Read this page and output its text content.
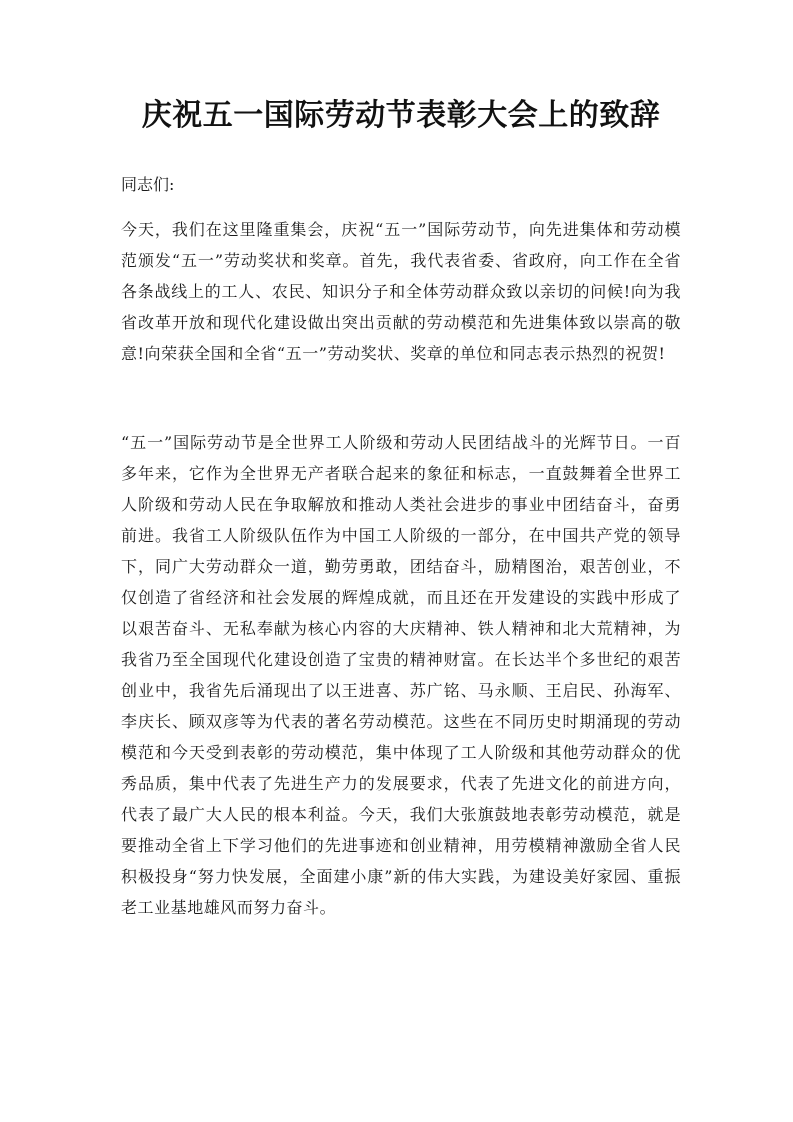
庆祝五一国际劳动节表彰大会上的致辞

同志们:

今天，我们在这里隆重集会，庆祝“五一”国际劳动节，向先进集体和劳动模范颁发“五一”劳动奖状和奖章。首先，我代表省委、省政府，向工作在全省各条战线上的工人、农民、知识分子和全体劳动群众致以亲切的问候!向为我省改革开放和现代化建设做出突出贡献的劳动模范和先进集体致以崇高的敬意!向荣获全国和全省“五一”劳动奖状、奖章的单位和同志表示热烈的祝贺!

“五一”国际劳动节是全世界工人阶级和劳动人民团结战斗的光辉节日。一百多年来，它作为全世界无产者联合起来的象征和标志，一直鼓舞着全世界工人阶级和劳动人民在争取解放和推动人类社会进步的事业中团结奋斗，奋勇前进。我省工人阶级队伍作为中国工人阶级的一部分，在中国共产党的领导下，同广大劳动群众一道，勤劳勇敢，团结奋斗，励精图治，艰苦创业，不仅创造了省经济和社会发展的辉煌成就，而且还在开发建设的实践中形成了以艰苦奋斗、无私奉献为核心内容的大庆精神、铁人精神和北大荒精神，为我省乃至全国现代化建设创造了宝贵的精神财富。在长达半个多世纪的艰苦创业中，我省先后涌现出了以王进喜、苏广铭、马永顺、王启民、孙海军、李庆长、顾双彦等为代表的著名劳动模范。这些在不同历史时期涌现的劳动模范和今天受到表彰的劳动模范，集中体现了工人阶级和其他劳动群众的优秀品质，集中代表了先进生产力的发展要求，代表了先进文化的前进方向，代表了最广大人民的根本利益。今天，我们大张旗鼓地表彰劳动模范，就是要推动全省上下学习他们的先进事迹和创业精神，用劳模精神激励全省人民积极投身“努力快发展，全面建小康”新的伟大实践，为建设美好家园、重振老工业基地雄风而努力奋斗。
